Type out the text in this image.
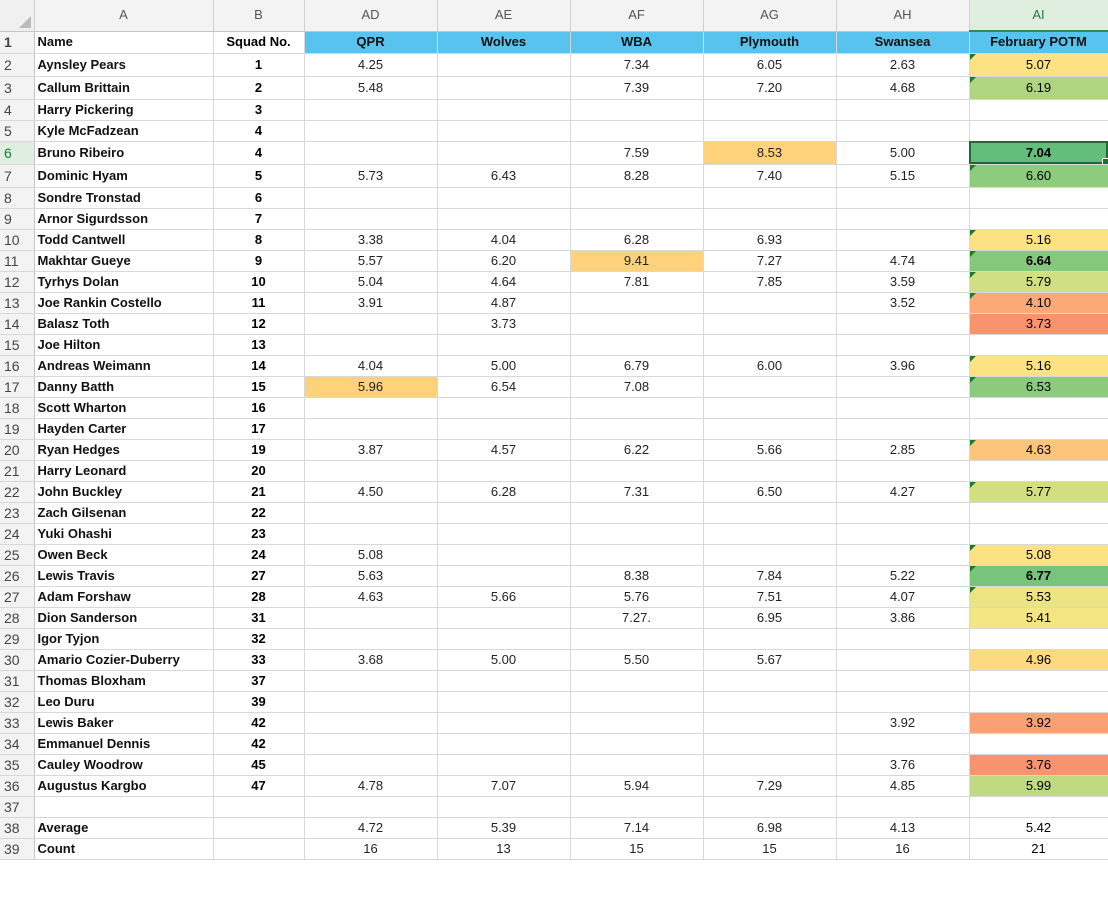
	A	B	AD	AE	AF	AG	AH	AI
1	Name	Squad No.	QPR	Wolves	WBA	Plymouth	Swansea	February POTM
2	Aynsley Pears	1	4.25		7.34	6.05	2.63	5.07

3	Callum Brittain	2	5.48		7.39	7.20	4.68	6.19

4	Harry Pickering	3						
5	Kyle McFadzean	4						
6	Bruno Ribeiro	4			7.59	8.53	5.00	7.04

7	Dominic Hyam	5	5.73	6.43	8.28	7.40	5.15	6.60

8	Sondre Tronstad	6						
9	Arnor Sigurdsson	7						
10	Todd Cantwell	8	3.38	4.04	6.28	6.93		5.16

11	Makhtar Gueye	9	5.57	6.20	9.41	7.27	4.74	6.64

12	Tyrhys Dolan	10	5.04	4.64	7.81	7.85	3.59	5.79

13	Joe Rankin Costello	11	3.91	4.87			3.52	4.10

14	Balasz Toth	12		3.73				3.73
15	Joe Hilton	13						
16	Andreas Weimann	14	4.04	5.00	6.79	6.00	3.96	5.16

17	Danny Batth	15	5.96	6.54	7.08			6.53

18	Scott Wharton	16						
19	Hayden Carter	17						
20	Ryan Hedges	19	3.87	4.57	6.22	5.66	2.85	4.63

21	Harry Leonard	20						
22	John Buckley	21	4.50	6.28	7.31	6.50	4.27	5.77

23	Zach Gilsenan	22						
24	Yuki Ohashi	23						
25	Owen Beck	24	5.08					5.08

26	Lewis Travis	27	5.63		8.38	7.84	5.22	6.77

27	Adam Forshaw	28	4.63	5.66	5.76	7.51	4.07	5.53

28	Dion Sanderson	31			7.27.	6.95	3.86	5.41
29	Igor Tyjon	32						
30	Amario Cozier-Duberry	33	3.68	5.00	5.50	5.67		4.96
31	Thomas Bloxham	37						
32	Leo Duru	39						
33	Lewis Baker	42					3.92	3.92
34	Emmanuel Dennis	42						
35	Cauley Woodrow	45					3.76	3.76
36	Augustus Kargbo	47	4.78	7.07	5.94	7.29	4.85	5.99
37								
38	Average		4.72	5.39	7.14	6.98	4.13	5.42
39	Count		16	13	15	15	16	21
